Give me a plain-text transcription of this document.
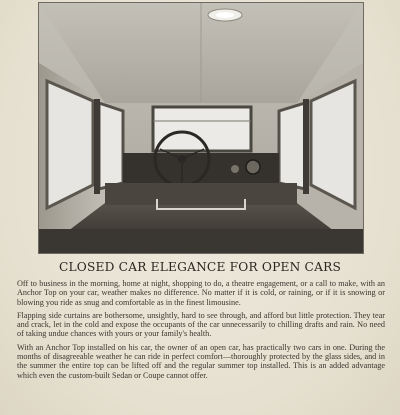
CLOSED CAR ELEGANCE FOR OPEN CARS

Off to business in the morning, home at night, shopping to do, a theatre engagement, or a call to make, with an Anchor Top on your car, weather makes no difference. No matter if it is cold, or raining, or if it is snowing or blowing you ride as snug and comfortable as in the finest limousine.

Flapping side curtains are bothersome, unsightly, hard to see through, and afford but little protection. They tear and crack, let in the cold and expose the occupants of the car unnecessarily to chilling drafts and rain. No need of taking undue chances with yours or your family's health.

With an Anchor Top installed on his car, the owner of an open car, has practically two cars in one. During the months of disagreeable weather he can ride in perfect comfort—thoroughly protected by the glass sides, and in the summer the entire top can be lifted off and the regular summer top installed. This is an added advantage which even the custom-built Sedan or Coupe cannot offer.
